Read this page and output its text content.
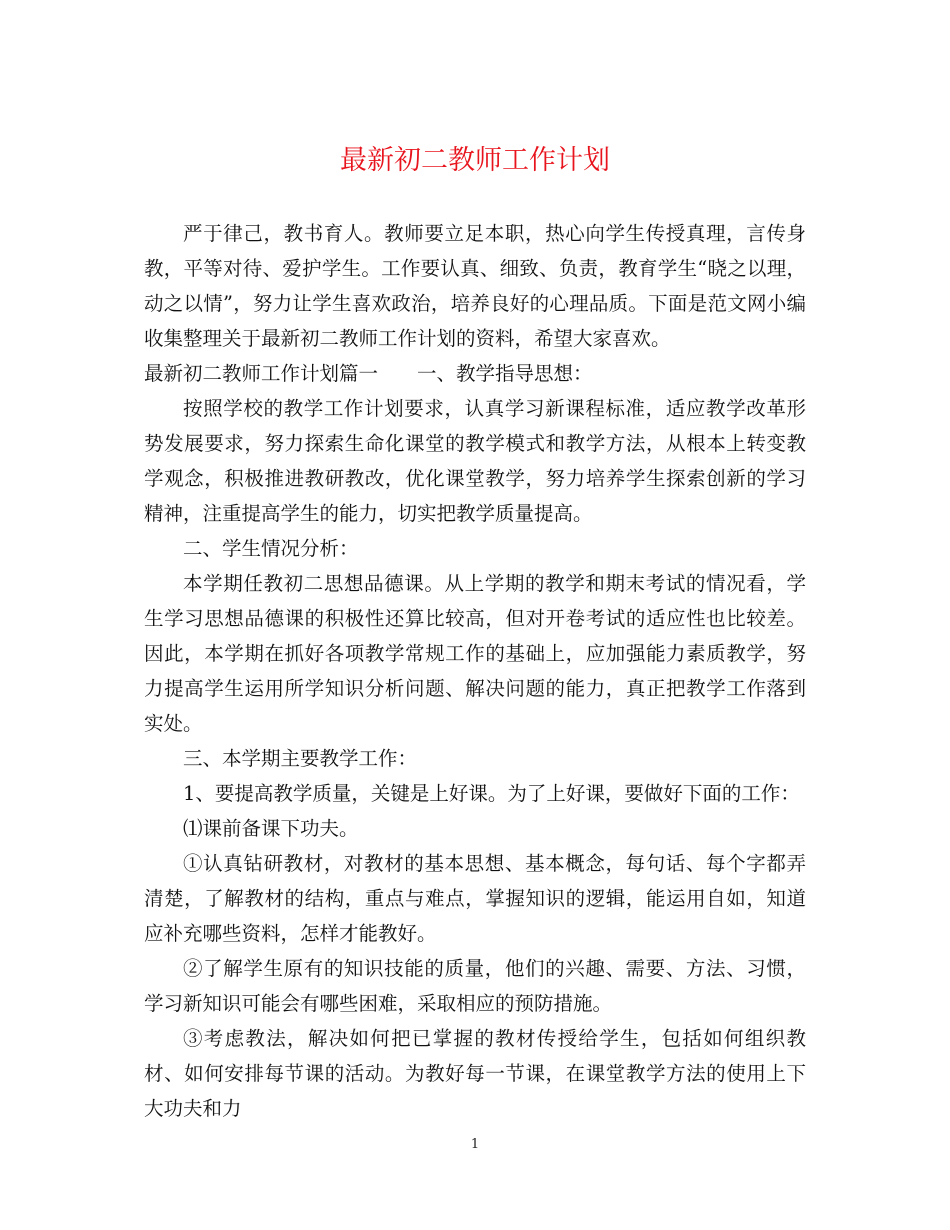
最新初二教师工作计划

严于律己，教书育人。教师要立足本职，热心向学生传授真理，言传身教，平等对待、爱护学生。工作要认真、细致、负责，教育学生“晓之以理，动之以情”，努力让学生喜欢政治，培养良好的心理品质。下面是范文网小编收集整理关于最新初二教师工作计划的资料，希望大家喜欢。

最新初二教师工作计划篇一　　一、教学指导思想：

按照学校的教学工作计划要求，认真学习新课程标准，适应教学改革形势发展要求，努力探索生命化课堂的教学模式和教学方法，从根本上转变教学观念，积极推进教研教改，优化课堂教学，努力培养学生探索创新的学习精神，注重提高学生的能力，切实把教学质量提高。

二、学生情况分析：

本学期任教初二思想品德课。从上学期的教学和期末考试的情况看，学生学习思想品德课的积极性还算比较高，但对开卷考试的适应性也比较差。因此，本学期在抓好各项教学常规工作的基础上，应加强能力素质教学，努力提高学生运用所学知识分析问题、解决问题的能力，真正把教学工作落到实处。

三、本学期主要教学工作：

1、要提高教学质量，关键是上好课。为了上好课，要做好下面的工作：

⑴课前备课下功夫。

①认真钻研教材，对教材的基本思想、基本概念，每句话、每个字都弄清楚，了解教材的结构，重点与难点，掌握知识的逻辑，能运用自如，知道应补充哪些资料，怎样才能教好。

②了解学生原有的知识技能的质量，他们的兴趣、需要、方法、习惯，学习新知识可能会有哪些困难，采取相应的预防措施。

③考虑教法，解决如何把已掌握的教材传授给学生，包括如何组织教材、如何安排每节课的活动。为教好每一节课，在课堂教学方法的使用上下大功夫和力

1
